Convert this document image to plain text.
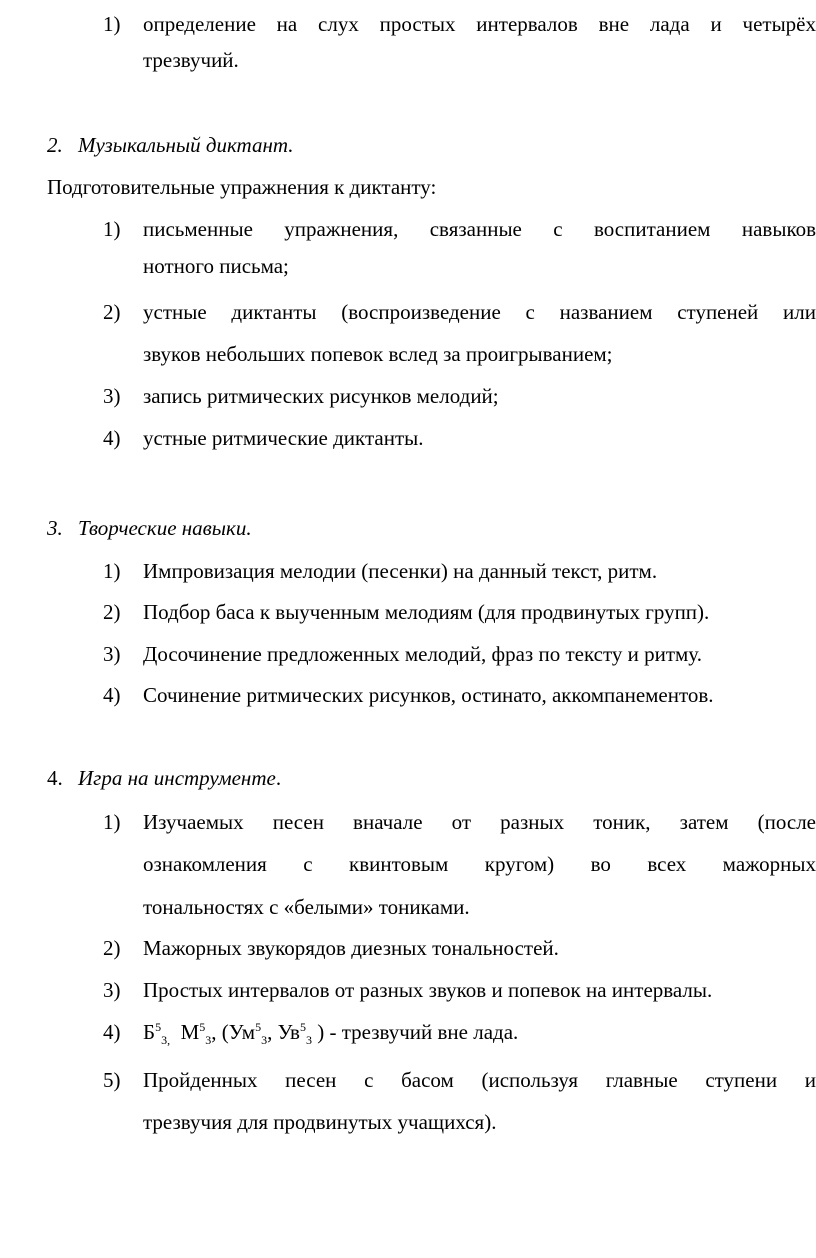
1)	определение на слух простых интервалов вне лада и четырёх
трезвучий.
2. Музыкальный диктант.
Подготовительные упражнения к диктанту:
1)	письменные упражнения, связанные с воспитанием навыков
нотного письма;
2)	устные диктанты (воспроизведение с названием ступеней или
звуков небольших попевок вслед за проигрыванием;
3)	запись ритмических рисунков мелодий;
4)	устные ритмические диктанты.
3. Творческие навыки.
1)	Импровизация мелодии (песенки) на данный текст, ритм.
2)	Подбор баса к выученным мелодиям (для продвинутых групп).
3)	Досочинение предложенных мелодий, фраз по тексту и ритму.
4)	Сочинение ритмических рисунков, остинато, аккомпанементов.
4. Игра на инструменте.
1)	Изучаемых песен вначале от разных тоник, затем (после
ознакомления с квинтовым кругом) во всех мажорных
тональностях с «белыми» тониками.
2)	Мажорных звукорядов диезных тональностей.
3)	Простых интервалов от разных звуков и попевок на интервалы.
4)	$Б^5_{3,}$ $М^5_3$, ($Ум^5_3$, $Ув^5_3$ ) - трезвучий вне лада.
5)	Пройденных песен с басом (используя главные ступени и
трезвучия для продвинутых учащихся).
